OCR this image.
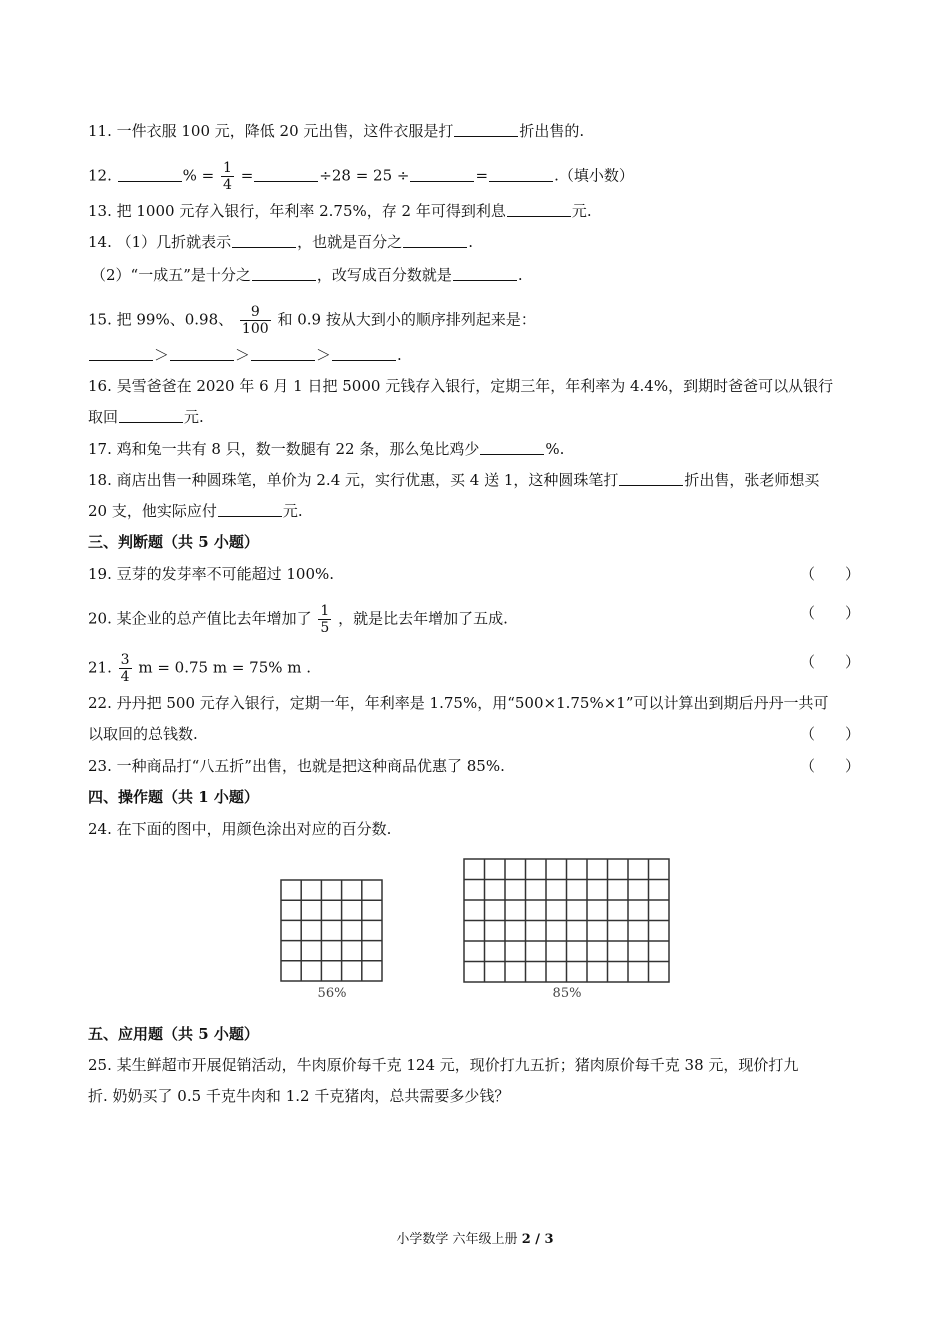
11. 一件衣服 100 元，降低 20 元出售，这件衣服是打	折出售的.
12.	% = $\frac{1}{4}$ =	÷28 = 25 ÷	=	.（填小数）
13. 把 1000 元存入银行，年利率 2.75%，存 2 年可得到利息	元.
14. （1）几折就表示	，也就是百分之	.
（2）“一成五”是十分之	，改写成百分数就是	.
15. 把 99%、0.98、 $\frac{9}{100}$ 和 0.9 按从大到小的顺序排列起来是：
＞	＞	＞	.
16. 吴雪爸爸在 2020 年 6 月 1 日把 5000 元钱存入银行，定期三年，年利率为 4.4%，到期时爸爸可以从银行
取回	元.
17. 鸡和兔一共有 8 只，数一数腿有 22 条，那么兔比鸡少	%.
18. 商店出售一种圆珠笔，单价为 2.4 元，实行优惠，买 4 送 1，这种圆珠笔打	折出售，张老师想买
20 支，他实际应付	元.
三、判断题（共 5 小题）
19. 豆芽的发芽率不可能超过 100%.	（　　）
20. 某企业的总产值比去年增加了 $\frac{1}{5}$ ，就是比去年增加了五成.	（　　）
21. $\frac{3}{4}$ m = 0.75 m = 75% m .	（　　）
22. 丹丹把 500 元存入银行，定期一年，年利率是 1.75%，用“500×1.75%×1”可以计算出到期后丹丹一共可
以取回的总钱数.	（　　）
23. 一种商品打“八五折”出售，也就是把这种商品优惠了 85%.	（　　）
四、操作题（共 1 小题）
24. 在下面的图中，用颜色涂出对应的百分数.
56%	85%
五、应用题（共 5 小题）
25. 某生鲜超市开展促销活动，牛肉原价每千克 124 元，现价打九五折；猪肉原价每千克 38 元，现价打九
折. 奶奶买了 0.5 千克牛肉和 1.2 千克猪肉，总共需要多少钱？
小学数学 六年级上册 2 / 3
